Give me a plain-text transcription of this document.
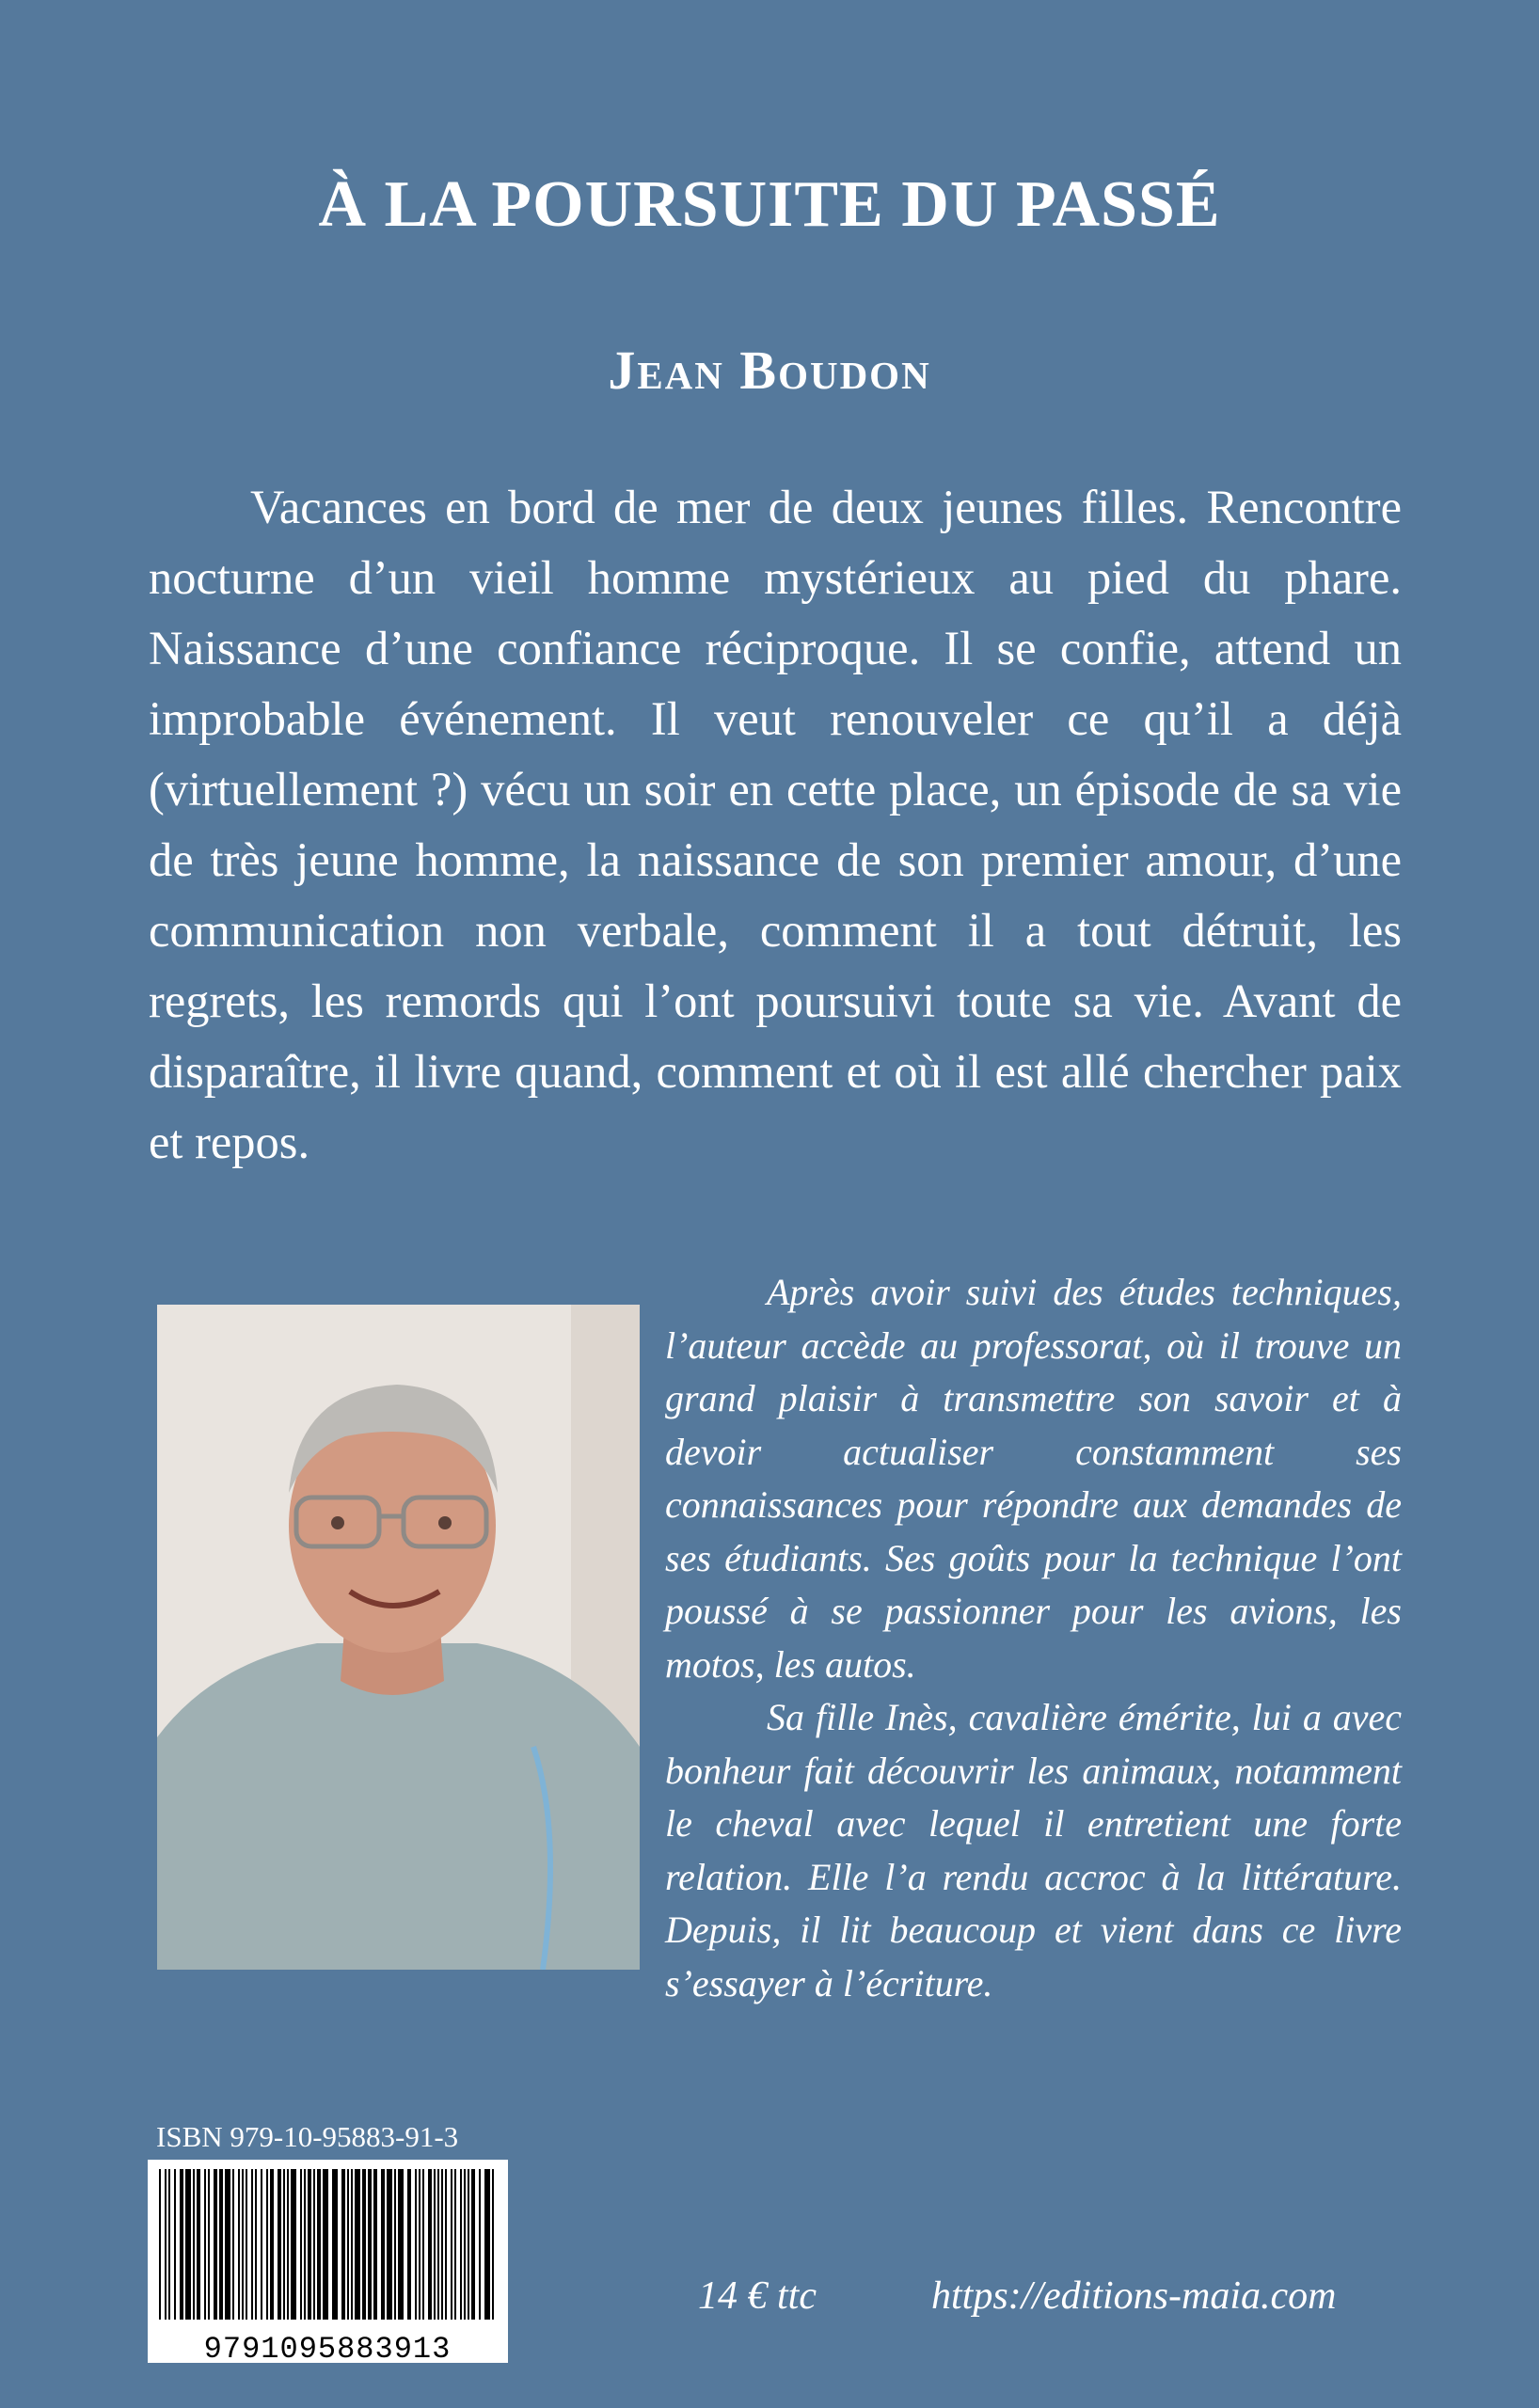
À LA POURSUITE DU PASSÉ
Jean Boudon

Vacances en bord de mer de deux jeunes filles. Rencontre nocturne d’un vieil homme mystérieux au pied du phare. Naissance d’une confiance réciproque. Il se confie, attend un improbable événement. Il veut renouveler ce qu’il a déjà (virtuellement ?) vécu un soir en cette place, un épisode de sa vie de très jeune homme, la naissance de son premier amour, d’une communication non verbale, comment il a tout détruit, les regrets, les remords qui l’ont poursuivi toute sa vie. Avant de disparaître, il livre quand, comment et où il est allé chercher paix et repos.

Après avoir suivi des études techniques, l’auteur accède au professorat, où il trouve un grand plaisir à transmettre son savoir et à devoir actualiser constamment ses connaissances pour répondre aux demandes de ses étudiants. Ses goûts pour la technique l’ont poussé à se passionner pour les avions, les motos, les autos.

Sa fille Inès, cavalière émérite, lui a avec bonheur fait découvrir les animaux, notamment le cheval avec lequel il entretient une forte relation. Elle l’a rendu accroc à la littérature. Depuis, il lit beaucoup et vient dans ce livre s’essayer à l’écriture.

ISBN 979-10-95883-91-3
9791095883913
14 € ttc	https://editions-maia.com
